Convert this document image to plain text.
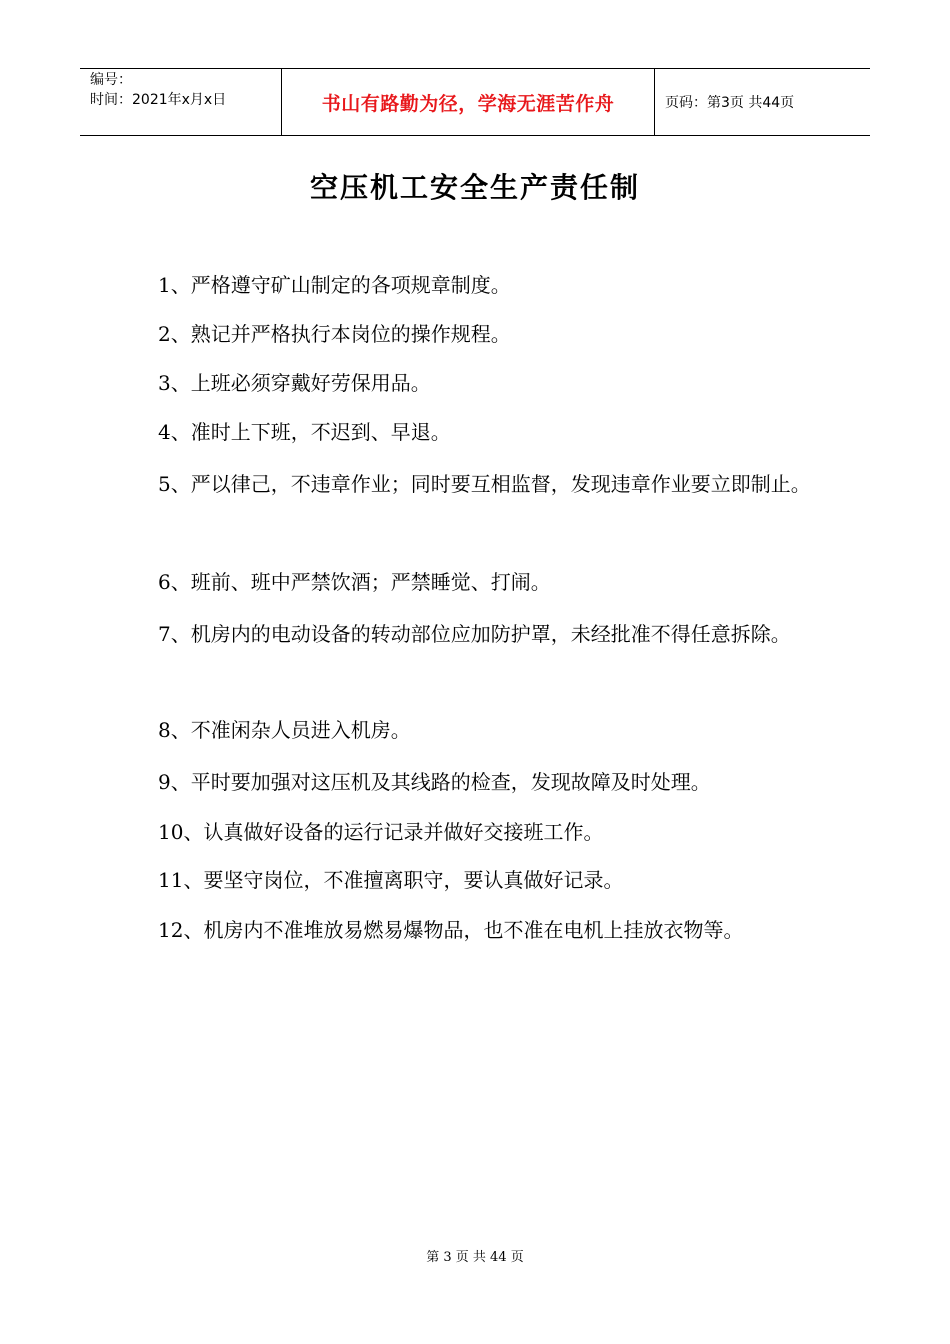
编号：
时间：2021年x月x日	书山有路勤为径，学海无涯苦作舟	页码：第3页 共44页
空压机工安全生产责任制
1、严格遵守矿山制定的各项规章制度。
2、熟记并严格执行本岗位的操作规程。
3、上班必须穿戴好劳保用品。
4、准时上下班，不迟到、早退。
5、严以律己，不违章作业；同时要互相监督，发现违章作业要立即制止。
6、班前、班中严禁饮酒；严禁睡觉、打闹。
7、机房内的电动设备的转动部位应加防护罩，未经批准不得任意拆除。
8、不准闲杂人员进入机房。
9、平时要加强对这压机及其线路的检查，发现故障及时处理。
10、认真做好设备的运行记录并做好交接班工作。
11、要坚守岗位，不准擅离职守，要认真做好记录。
12、机房内不准堆放易燃易爆物品，也不准在电机上挂放衣物等。
第 3 页 共 44 页
